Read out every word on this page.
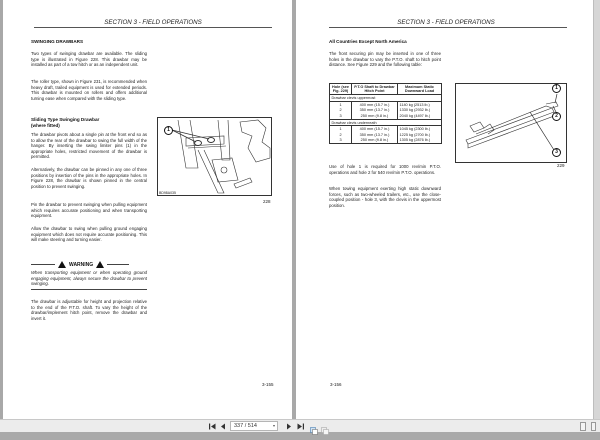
SECTION 3 - FIELD OPERATIONS
SWINGING DRAWBARS
Two types of swinging drawbar are available. The sliding type is illustrated in Figure 228. This drawbar may be installed as part of a tow hitch or as an independent unit.
The roller type, shown in Figure 231, is recommended when heavy draft, trailed equipment is used for extended periods. This drawbar is mounted on rollers and offers additional turning ease when compared with the sliding type.
Sliding Type Swinging Drawbar
(where fitted)
The drawbar pivots about a single pin at the front end so as to allow the rear of the drawbar to swing the full width of the hanger. By inserting the swing limiter pins (1) in the appropriate holes, restricted movement of the drawbar is permitted.
Alternatively, the drawbar can be pinned in any one of three positions by insertion of the pins in the appropriate holes. In Figure 228, the drawbar is shown pinned in the central position to prevent swinging.
Pin the drawbar to prevent swinging when pulling equipment which requires accurate positioning and when transporting equipment.
Allow the drawbar to swing when pulling ground engaging equipment which does not require accurate positioning. This will make steering and turning easier.
WARNING
When transporting equipment or when operating ground engaging equipment, always secure the drawbar to prevent swinging.
The drawbar is adjustable for height and projection relative to the end of the P.T.O. shaft. To vary the height of the drawbar/implement hitch point, remove the drawbar and invert it.
BD98A035
1
228
3-155
SECTION 3 - FIELD OPERATIONS
All Countries Except North America
The front securing pin may be inserted in one of three holes in the drawbar to vary the P.T.O. shaft to hitch point distance. See Figure 229 and the following table:
Hole (see Fig. 229)	P.T.O Shaft to Drawbar Hitch Point	Maximum Static Downward Load
Drawbar clevis uppermost		
1	400 mm (15.7 in.)	1140 kg (2513 lb.)
2	350 mm (13.7 in.)	1330 kg (2932 lb.)
3	250 mm (9.8 in.)	2040 kg (4497 lb.)
Drawbar clevis underneath		
1	400 mm (15.7 in.)	1045 kg (2300 lb.)
2	350 mm (13.7 in.)	1225 kg (2700 lb.)
3	250 mm (9.8 in.)	1305 kg (2876 lb.)
Use of hole 1 is required for 1000 rev/min P.T.O. operations and hole 2 for 540 rev/min P.T.O. operations.
When towing equipment exerting high static downward forces, such as two-wheeled trailers, etc., use the close-coupled position - hole 3, with the clevis in the uppermost position.
1
2
3
229
3-156
337 / 514	▾
